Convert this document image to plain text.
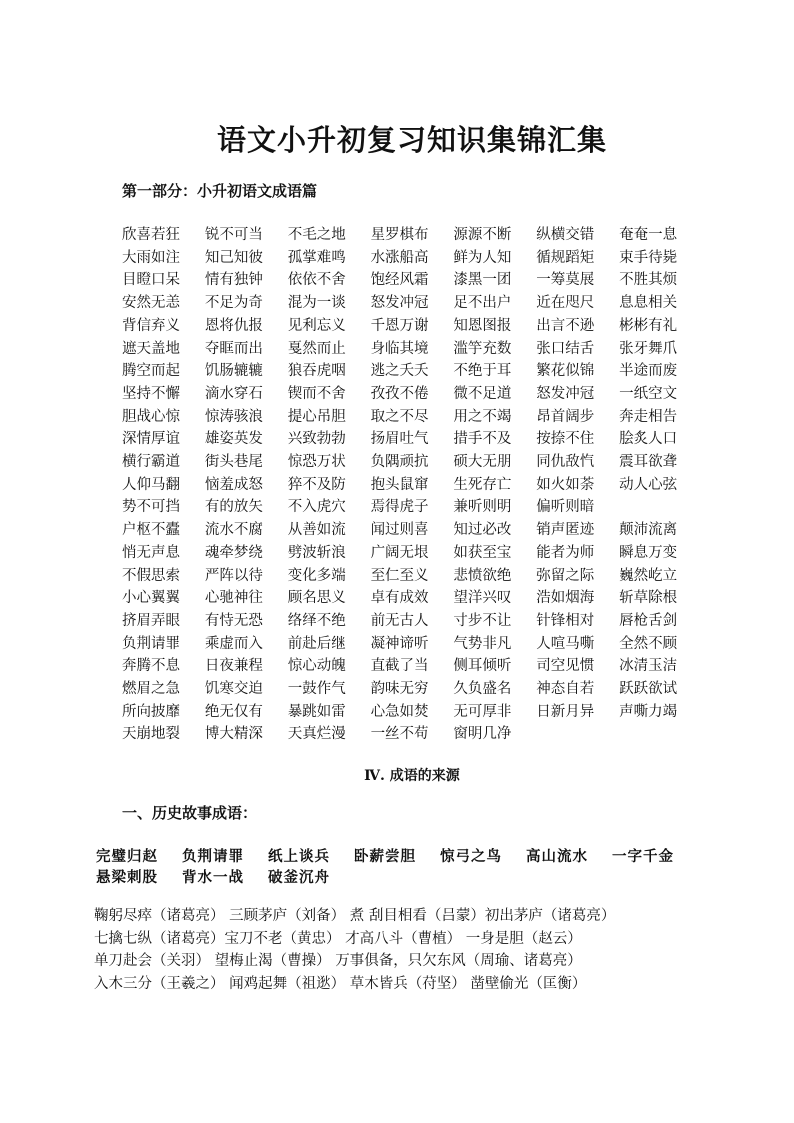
语文小升初复习知识集锦汇集
第一部分：小升初语文成语篇
欣喜若狂	锐不可当	不毛之地	星罗棋布	源源不断	纵横交错	奄奄一息
大雨如注	知己知彼	孤掌难鸣	水涨船高	鲜为人知	循规蹈矩	束手待毙
目瞪口呆	情有独钟	依依不舍	饱经风霜	漆黑一团	一筹莫展	不胜其烦
安然无恙	不足为奇	混为一谈	怒发冲冠	足不出户	近在咫尺	息息相关
背信弃义	恩将仇报	见利忘义	千恩万谢	知恩图报	出言不逊	彬彬有礼
遮天盖地	夺眶而出	戛然而止	身临其境	滥竽充数	张口结舌	张牙舞爪
腾空而起	饥肠辘辘	狼吞虎咽	逃之夭夭	不绝于耳	繁花似锦	半途而废
坚持不懈	滴水穿石	锲而不舍	孜孜不倦	微不足道	怒发冲冠	一纸空文
胆战心惊	惊涛骇浪	提心吊胆	取之不尽	用之不竭	昂首阔步	奔走相告
深情厚谊	雄姿英发	兴致勃勃	扬眉吐气	措手不及	按捺不住	脍炙人口
横行霸道	街头巷尾	惊恐万状	负隅顽抗	硕大无朋	同仇敌忾	震耳欲聋
人仰马翻	恼羞成怒	猝不及防	抱头鼠窜	生死存亡	如火如荼	动人心弦
势不可挡	有的放矢	不入虎穴	焉得虎子	兼听则明	偏听则暗
户枢不蠹	流水不腐	从善如流	闻过则喜	知过必改	销声匿迹	颠沛流离
悄无声息	魂牵梦绕	劈波斩浪	广阔无垠	如获至宝	能者为师	瞬息万变
不假思索	严阵以待	变化多端	至仁至义	悲愤欲绝	弥留之际	巍然屹立
小心翼翼	心驰神往	顾名思义	卓有成效	望洋兴叹	浩如烟海	斩草除根
挤眉弄眼	有恃无恐	络绎不绝	前无古人	寸步不让	针锋相对	唇枪舌剑
负荆请罪	乘虚而入	前赴后继	凝神谛听	气势非凡	人喧马嘶	全然不顾
奔腾不息	日夜兼程	惊心动魄	直截了当	侧耳倾听	司空见惯	冰清玉洁
燃眉之急	饥寒交迫	一鼓作气	韵味无穷	久负盛名	神态自若	跃跃欲试
所向披靡	绝无仅有	暴跳如雷	心急如焚	无可厚非	日新月异	声嘶力竭
天崩地裂	博大精深	天真烂漫	一丝不苟	窗明几净
Ⅳ. 成语的来源
一、历史故事成语：
完璧归赵 负荆请罪 纸上谈兵 卧薪尝胆 惊弓之鸟 高山流水 一字千金
悬梁刺股 背水一战 破釜沉舟
鞠躬尽瘁（诸葛亮） 三顾茅庐（刘备） 煮 刮目相看（吕蒙）初出茅庐（诸葛亮）
七擒七纵（诸葛亮）宝刀不老（黄忠） 才高八斗（曹植） 一身是胆（赵云）
单刀赴会（关羽） 望梅止渴（曹操） 万事俱备，只欠东风（周瑜、诸葛亮）
入木三分（王羲之） 闻鸡起舞（祖逖） 草木皆兵（苻坚） 凿壁偷光（匡衡）
